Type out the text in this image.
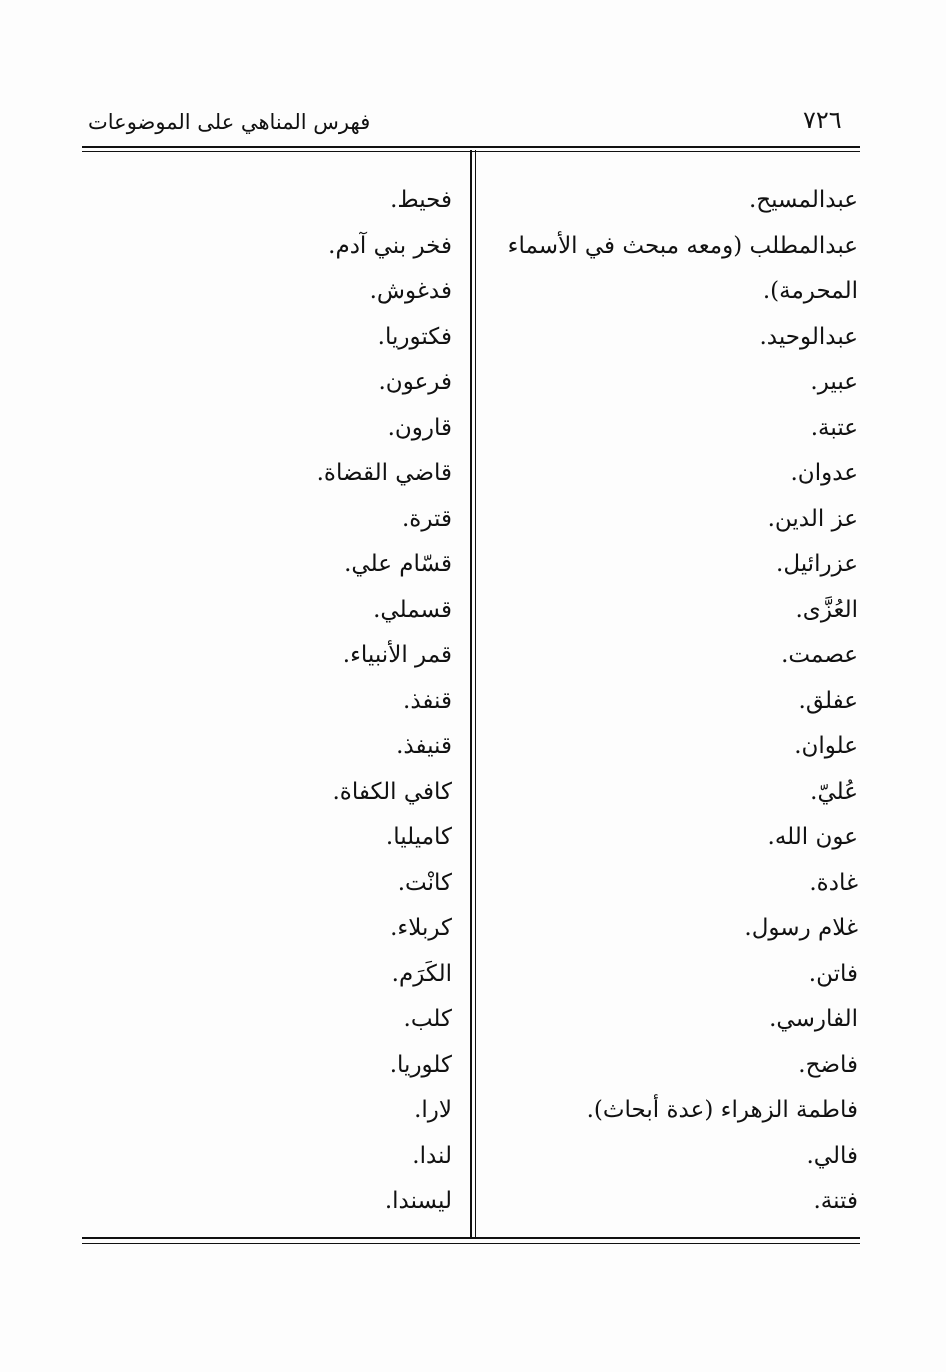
فهرس المناهي على الموضوعات	٧٢٦
عبدالمسيح.
عبدالمطلب (ومعه مبحث في الأسماء
المحرمة).
عبدالوحيد.
عبير.
عتبة.
عدوان.
عز الدين.
عزرائيل.
العُزَّى.
عصمت.
عفلق.
علوان.
عُليّ.
عون الله.
غادة.
غلام رسول.
فاتن.
الفارسي.
فاضح.
فاطمة الزهراء (عدة أبحاث).
فالي.
فتنة.
فحيط.
فخر بني آدم.
فدغوش.
فكتوريا.
فرعون.
قارون.
قاضي القضاة.
قترة.
قسّام علي.
قسملي.
قمر الأنبياء.
قنفذ.
قنيفذ.
كافي الكفاة.
كاميليا.
كانْت.
كربلاء.
الكَرَم.
كلب.
كلوريا.
لارا.
لندا.
ليسندا.
